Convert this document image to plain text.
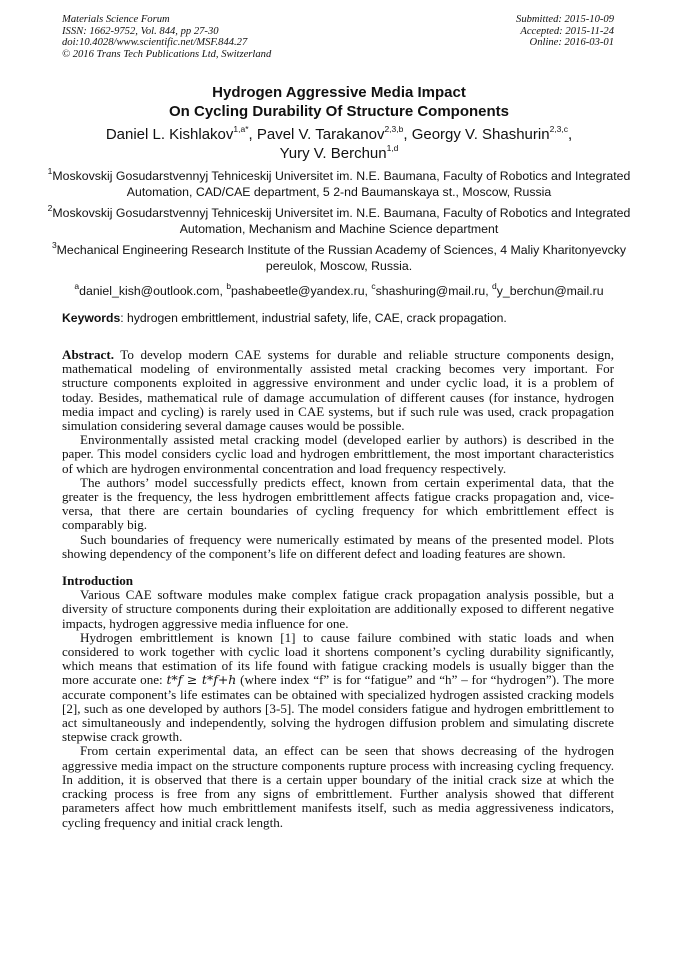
Materials Science Forum
ISSN: 1662-9752, Vol. 844, pp 27-30
doi:10.4028/www.scientific.net/MSF.844.27
© 2016 Trans Tech Publications Ltd, Switzerland
Submitted: 2015-10-09
Accepted: 2015-11-24
Online: 2016-03-01
Hydrogen Aggressive Media Impact
On Cycling Durability Of Structure Components
Daniel L. Kishlakov$^{1,a*}$, Pavel V. Tarakanov$^{2,3,b}$, Georgy V. Shashurin$^{2,3,c}$,
Yury V. Berchun$^{1,d}$
$^1$Moskovskij Gosudarstvennyj Tehniceskij Universitet im. N.E. Baumana, Faculty of Robotics and Integrated Automation, CAD/CAE department, 5 2-nd Baumanskaya st., Moscow, Russia
$^2$Moskovskij Gosudarstvennyj Tehniceskij Universitet im. N.E. Baumana, Faculty of Robotics and Integrated Automation, Mechanism and Machine Science department
$^3$Mechanical Engineering Research Institute of the Russian Academy of Sciences, 4 Maliy Kharitonyevcky pereulok, Moscow, Russia.
$^a$daniel_kish@outlook.com, $^b$pashabeetle@yandex.ru, $^c$shashuring@mail.ru, $^d$y_berchun@mail.ru
Keywords: hydrogen embrittlement, industrial safety, life, CAE, crack propagation.

Abstract. To develop modern CAE systems for durable and reliable structure components design, mathematical modeling of environmentally assisted metal cracking becomes very important. For structure components exploited in aggressive environment and under cyclic load, it is a problem of today. Besides, mathematical rule of damage accumulation of different causes (for instance, hydrogen media impact and cycling) is rarely used in CAE systems, but if such rule was used, crack propagation simulation considering several damage causes would be possible.

Environmentally assisted metal cracking model (developed earlier by authors) is described in the paper. This model considers cyclic load and hydrogen embrittlement, the most important characteristics of which are hydrogen environmental concentration and load frequency respectively.

The authors’ model successfully predicts effect, known from certain experimental data, that the greater is the frequency, the less hydrogen embrittlement affects fatigue cracks propagation and, vice-versa, that there are certain boundaries of cycling frequency for which embrittlement effect is comparably big.

Such boundaries of frequency were numerically estimated by means of the presented model. Plots showing dependency of the component’s life on different defect and loading features are shown.

Introduction

Various CAE software modules make complex fatigue crack propagation analysis possible, but a diversity of structure components during their exploitation are additionally exposed to different negative impacts, hydrogen aggressive media influence for one.

Hydrogen embrittlement is known [1] to cause failure combined with static loads and when considered to work together with cyclic load it shortens component’s cycling durability significantly, which means that estimation of its life found with fatigue cracking models is usually bigger than the more accurate one: t*f ≥ t*f+h (where index “f” is for “fatigue” and “h” – for “hydrogen”). The more accurate component’s life estimates can be obtained with specialized hydrogen assisted cracking models [2], such as one developed by authors [3-5]. The model considers fatigue and hydrogen embrittlement to act simultaneously and independently, solving the hydrogen diffusion problem and simulating discrete stepwise crack growth.

From certain experimental data, an effect can be seen that shows decreasing of the hydrogen aggressive media impact on the structure components rupture process with increasing cycling frequency. In addition, it is observed that there is a certain upper boundary of the initial crack size at which the cracking process is free from any signs of embrittlement. Further analysis showed that different parameters affect how much embrittlement manifests itself, such as media aggressiveness indicators, cycling frequency and initial crack length.
